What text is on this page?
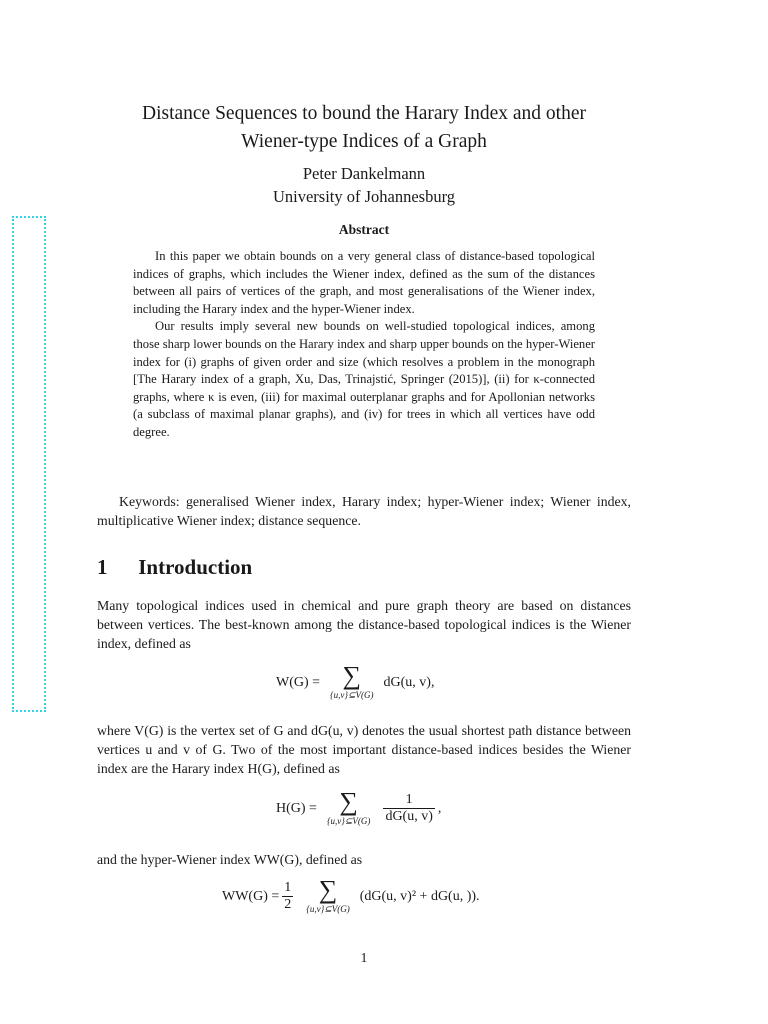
Distance Sequences to bound the Harary Index and other
Wiener-type Indices of a Graph
Peter Dankelmann
University of Johannesburg
Abstract

In this paper we obtain bounds on a very general class of distance-based topological indices of graphs, which includes the Wiener index, defined as the sum of the distances between all pairs of vertices of the graph, and most generalisations of the Wiener index, including the Harary index and the hyper-Wiener index.

Our results imply several new bounds on well-studied topological indices, among those sharp lower bounds on the Harary index and sharp upper bounds on the hyper-Wiener index for (i) graphs of given order and size (which resolves a problem in the monograph [The Harary index of a graph, Xu, Das, Trinajstić, Springer (2015)], (ii) for κ-connected graphs, where κ is even, (iii) for maximal outerplanar graphs and for Apollonian networks (a subclass of maximal planar graphs), and (iv) for trees in which all vertices have odd degree.

Keywords: generalised Wiener index, Harary index; hyper-Wiener index; Wiener index, multiplicative Wiener index; distance sequence.
1 Introduction

Many topological indices used in chemical and pure graph theory are based on distances between vertices. The best-known among the distance-based topological indices is the Wiener index, defined as

W(G) = ∑
{u,v}⊆V(G)
dG(u, v),

where V(G) is the vertex set of G and dG(u, v) denotes the usual shortest path distance between vertices u and v of G. Two of the most important distance-based indices besides the Wiener index are the Harary index H(G), defined as

H(G) = ∑
{u,v}⊆V(G) $\frac{1}{dG(u, v)}$ ,

and the hyper-Wiener index WW(G), defined as

$WW(G) = \frac{1}{2}$ ∑
{u,v}⊆V(G)
(dG(u, v)² + dG(u, )).
1
